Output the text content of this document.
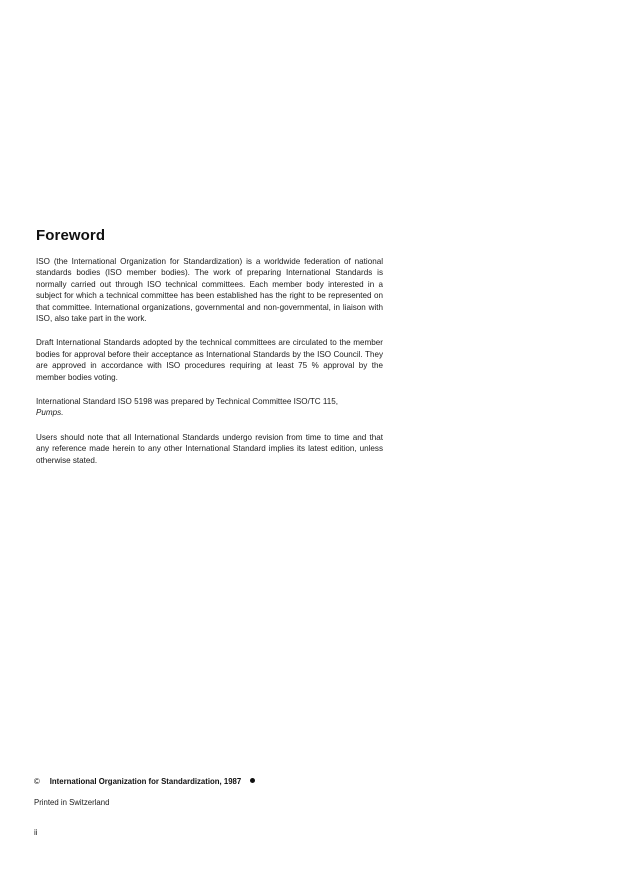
Foreword

ISO (the International Organization for Standardization) is a worldwide federation of national standards bodies (ISO member bodies). The work of preparing International Standards is normally carried out through ISO technical committees. Each member body interested in a subject for which a technical committee has been established has the right to be represented on that committee. International organizations, governmental and non-governmental, in liaison with ISO, also take part in the work.

Draft International Standards adopted by the technical committees are circulated to the member bodies for approval before their acceptance as International Standards by the ISO Council. They are approved in accordance with ISO procedures requiring at least 75 % approval by the member bodies voting.

International Standard ISO 5198 was prepared by Technical Committee ISO/TC 115,
Pumps.

Users should note that all International Standards undergo revision from time to time and that any reference made herein to any other International Standard implies its latest edition, unless otherwise stated.

© International Organization for Standardization, 1987
Printed in Switzerland
ii
